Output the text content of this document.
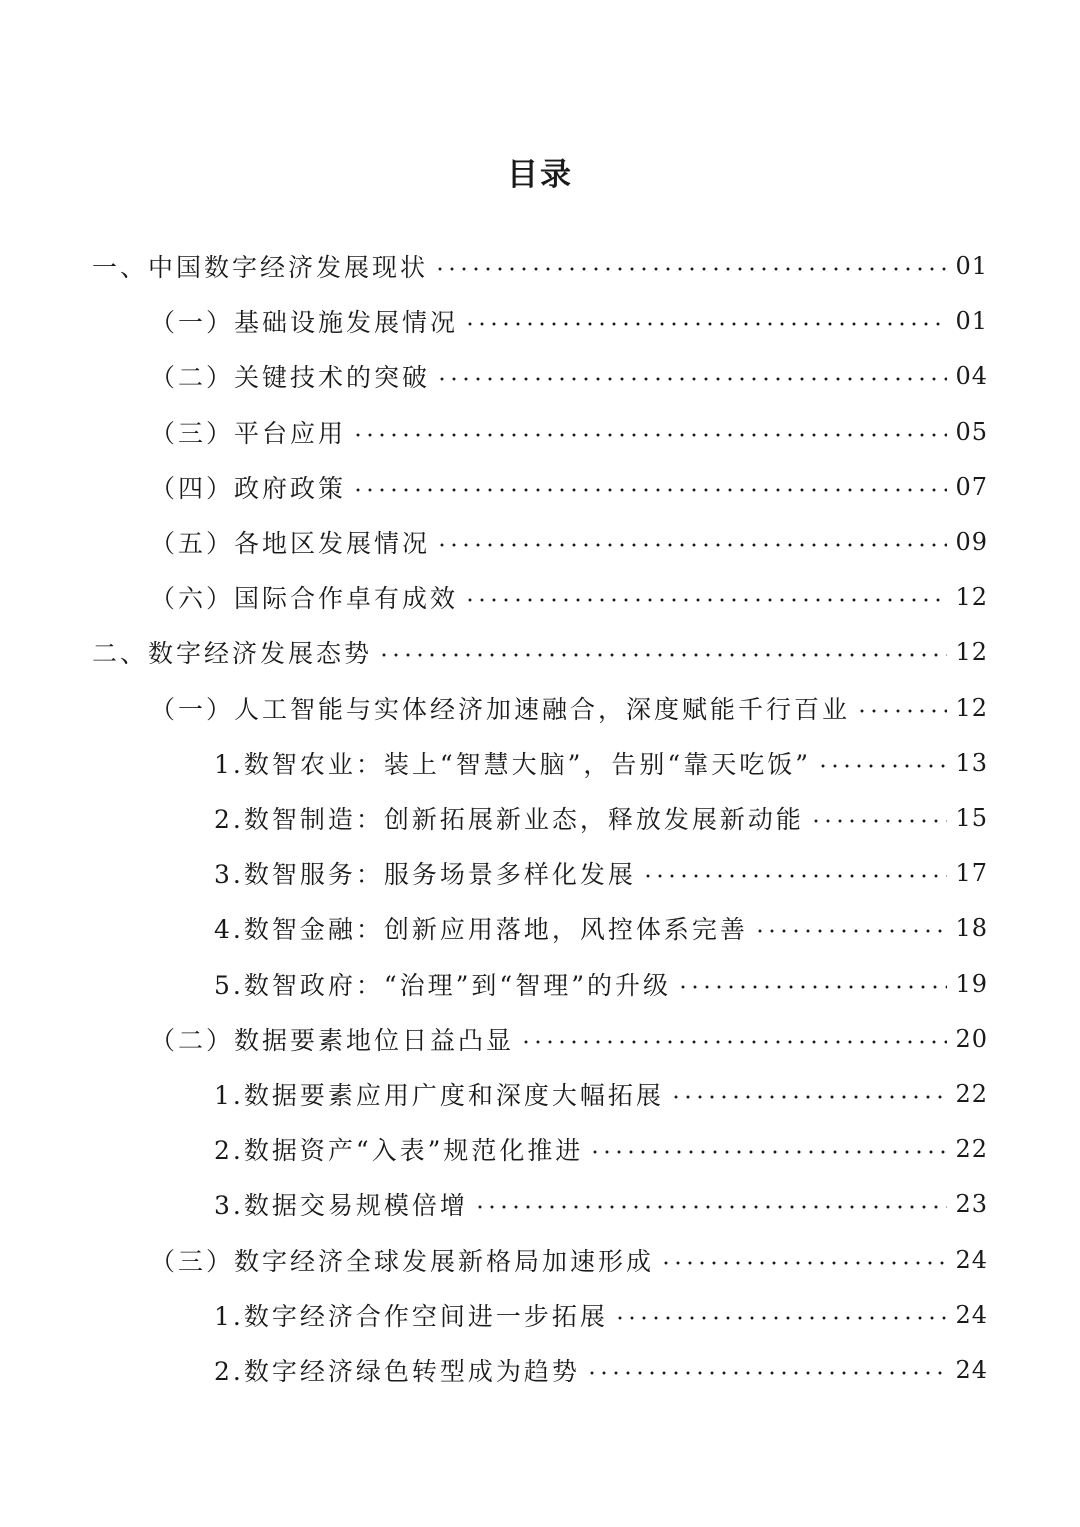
目录
一、中国数字经济发展现状	01
（一）基础设施发展情况	01
（二）关键技术的突破	04
（三）平台应用	05
（四）政府政策	07
（五）各地区发展情况	09
（六）国际合作卓有成效	12
二、数字经济发展态势	12
（一）人工智能与实体经济加速融合，深度赋能千行百业	12
1.数智农业：装上“智慧大脑”，告别“靠天吃饭”	13
2.数智制造：创新拓展新业态，释放发展新动能	15
3.数智服务：服务场景多样化发展	17
4.数智金融：创新应用落地，风控体系完善	18
5.数智政府：“治理”到“智理”的升级	19
（二）数据要素地位日益凸显	20
1.数据要素应用广度和深度大幅拓展	22
2.数据资产“入表”规范化推进	22
3.数据交易规模倍增	23
（三）数字经济全球发展新格局加速形成	24
1.数字经济合作空间进一步拓展	24
2.数字经济绿色转型成为趋势	24
